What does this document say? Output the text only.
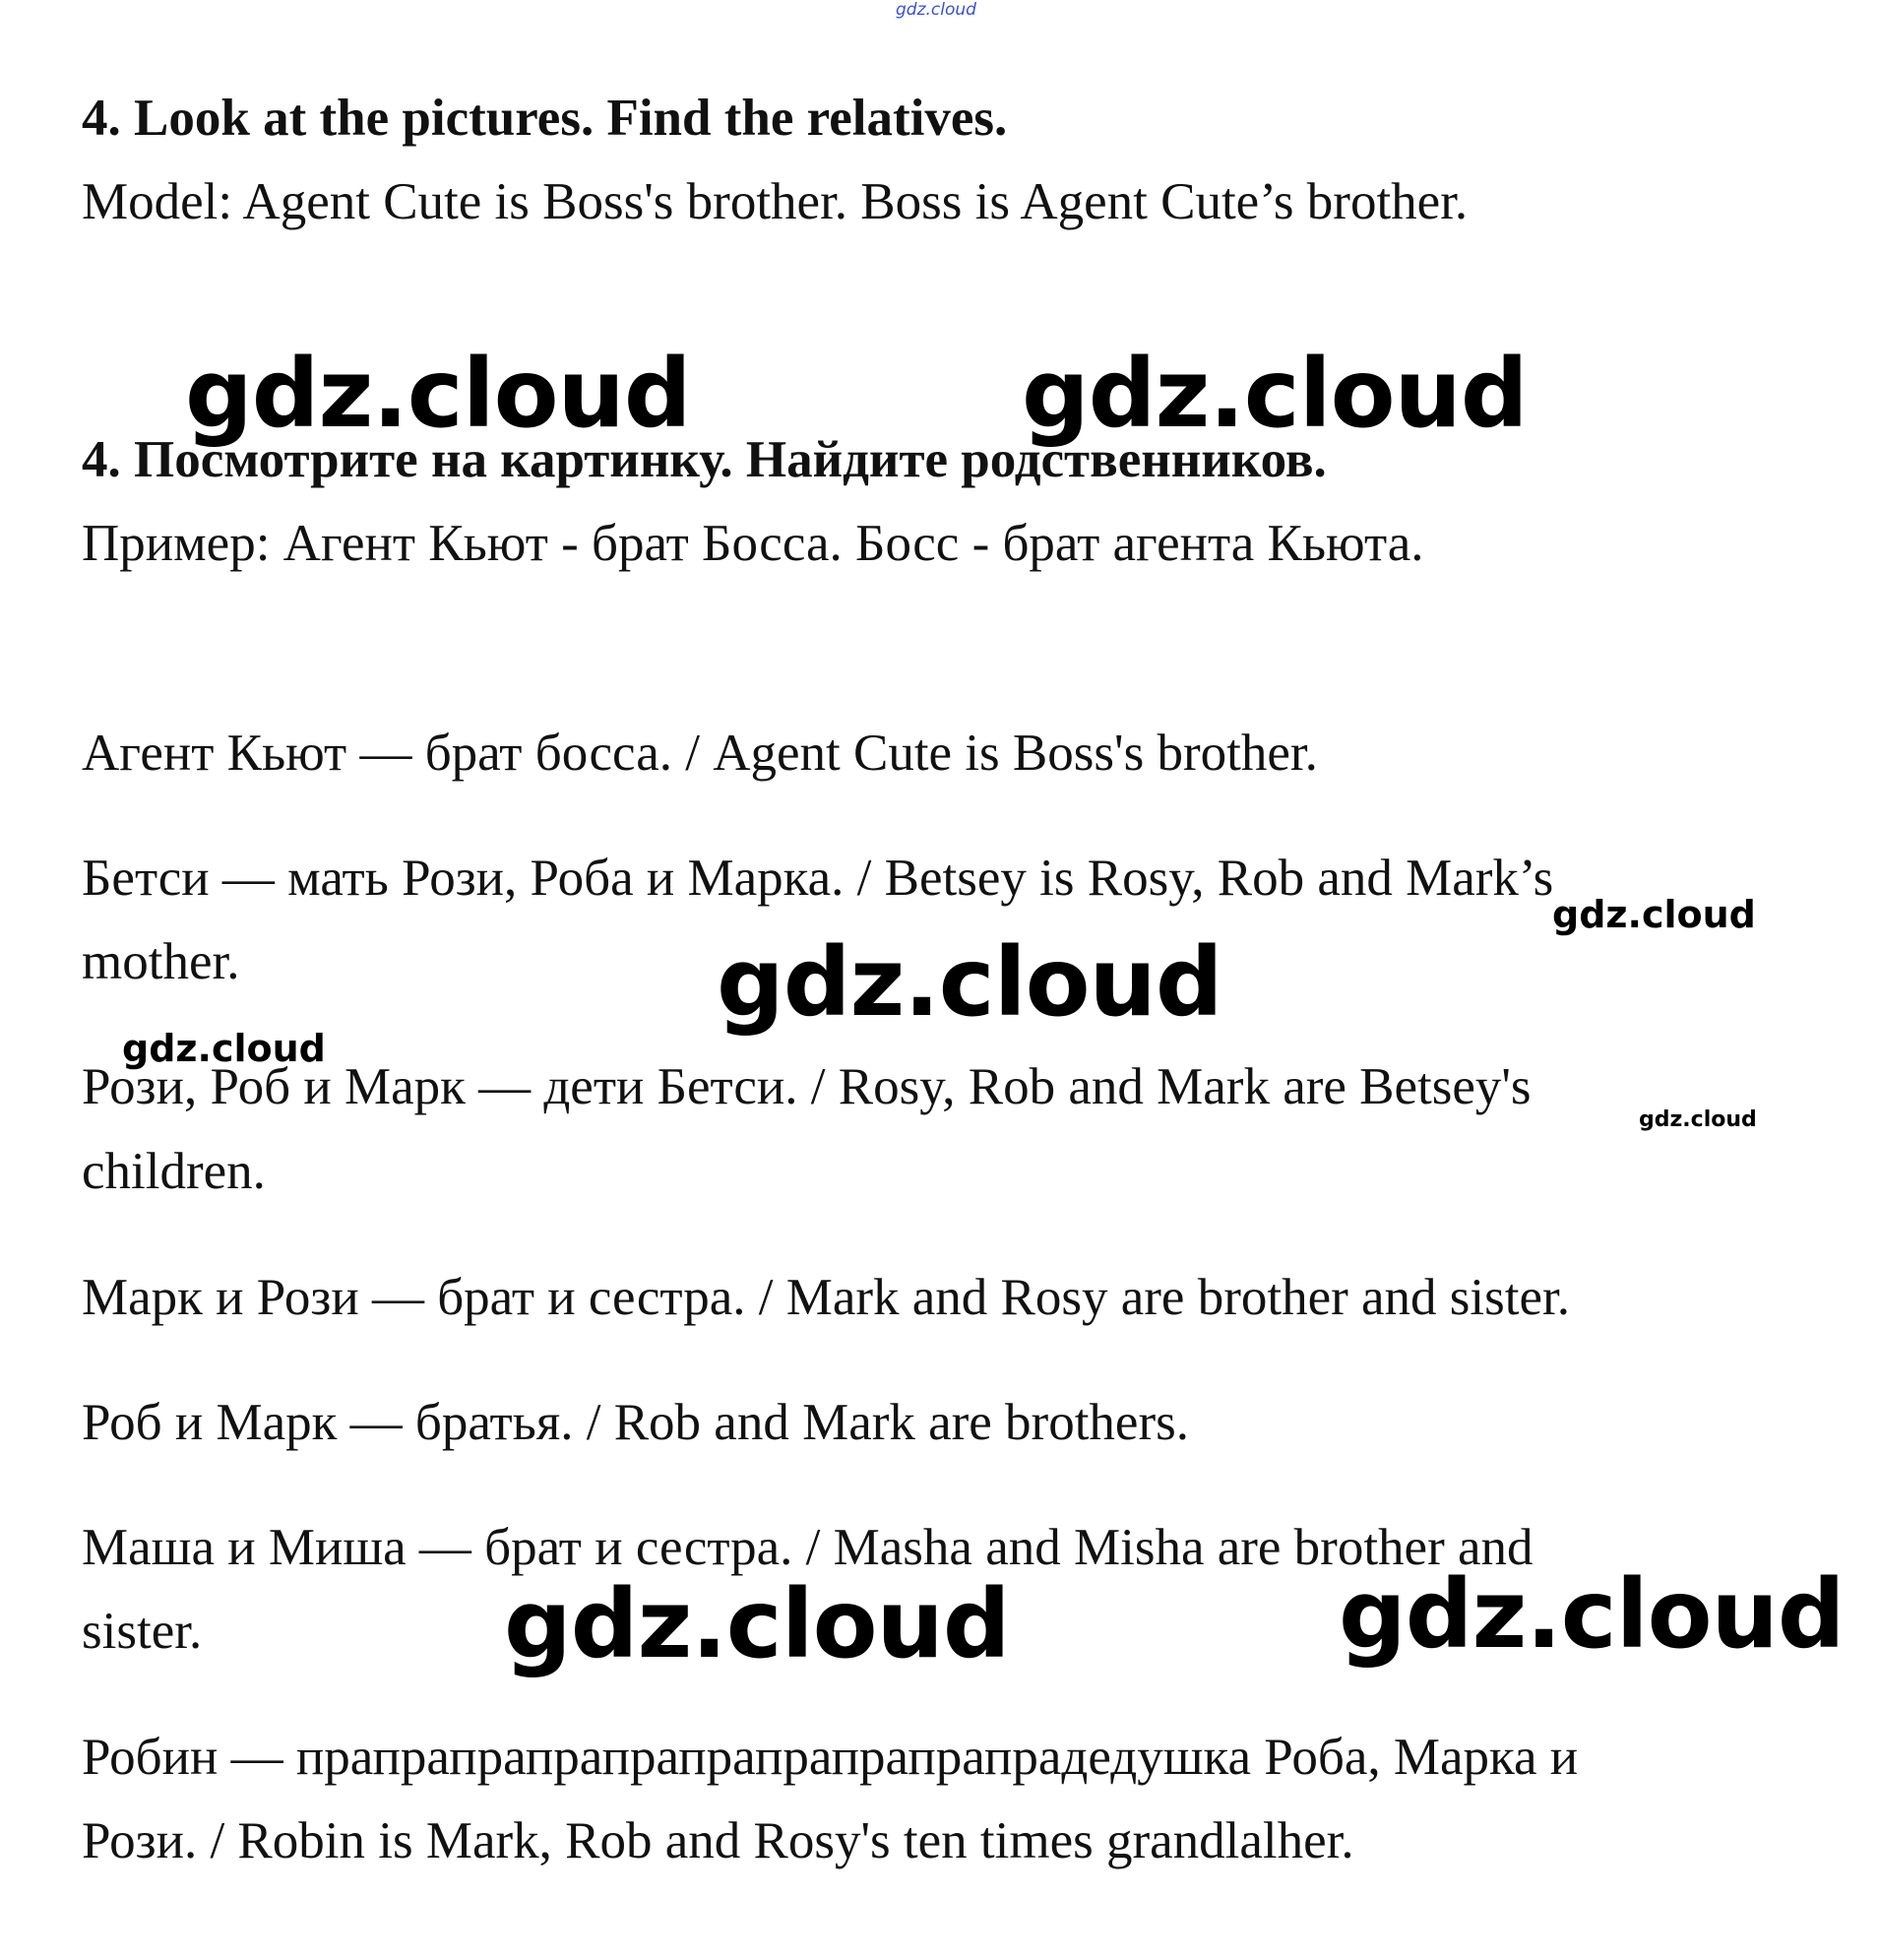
gdz.cloud
4. Look at the pictures. Find the relatives.
Model: Agent Cute is Boss's brother. Boss is Agent Cute’s brother.
4. Посмотрите на картинку. Найдите родственников.
Пример: Агент Кьют - брат Босса. Босс - брат агента Кьюта.
Агент Кьют — брат босса. / Agent Cute is Boss's brother.
Бетси — мать Рози, Роба и Марка. / Betsey is Rosy, Rob and Mark’s
mother.
Рози, Роб и Марк — дети Бетси. / Rosy, Rob and Mark are Betsey's
children.
Марк и Рози — брат и сестра. / Mark and Rosy are brother and sister.
Роб и Марк — братья. / Rob and Mark are brothers.
Маша и Миша — брат и сестра. / Masha and Misha are brother and
sister.
Робин — прапрапрапрапрапрапрапрапрапрадедушка Роба, Марка и
Рози. / Robin is Mark, Rob and Rosy's ten times grandlalher.
gdz.cloud	gdz.cloud
gdz.cloud
gdz.cloud
gdz.cloud
gdz.cloud
gdz.cloud
gdz.cloud
